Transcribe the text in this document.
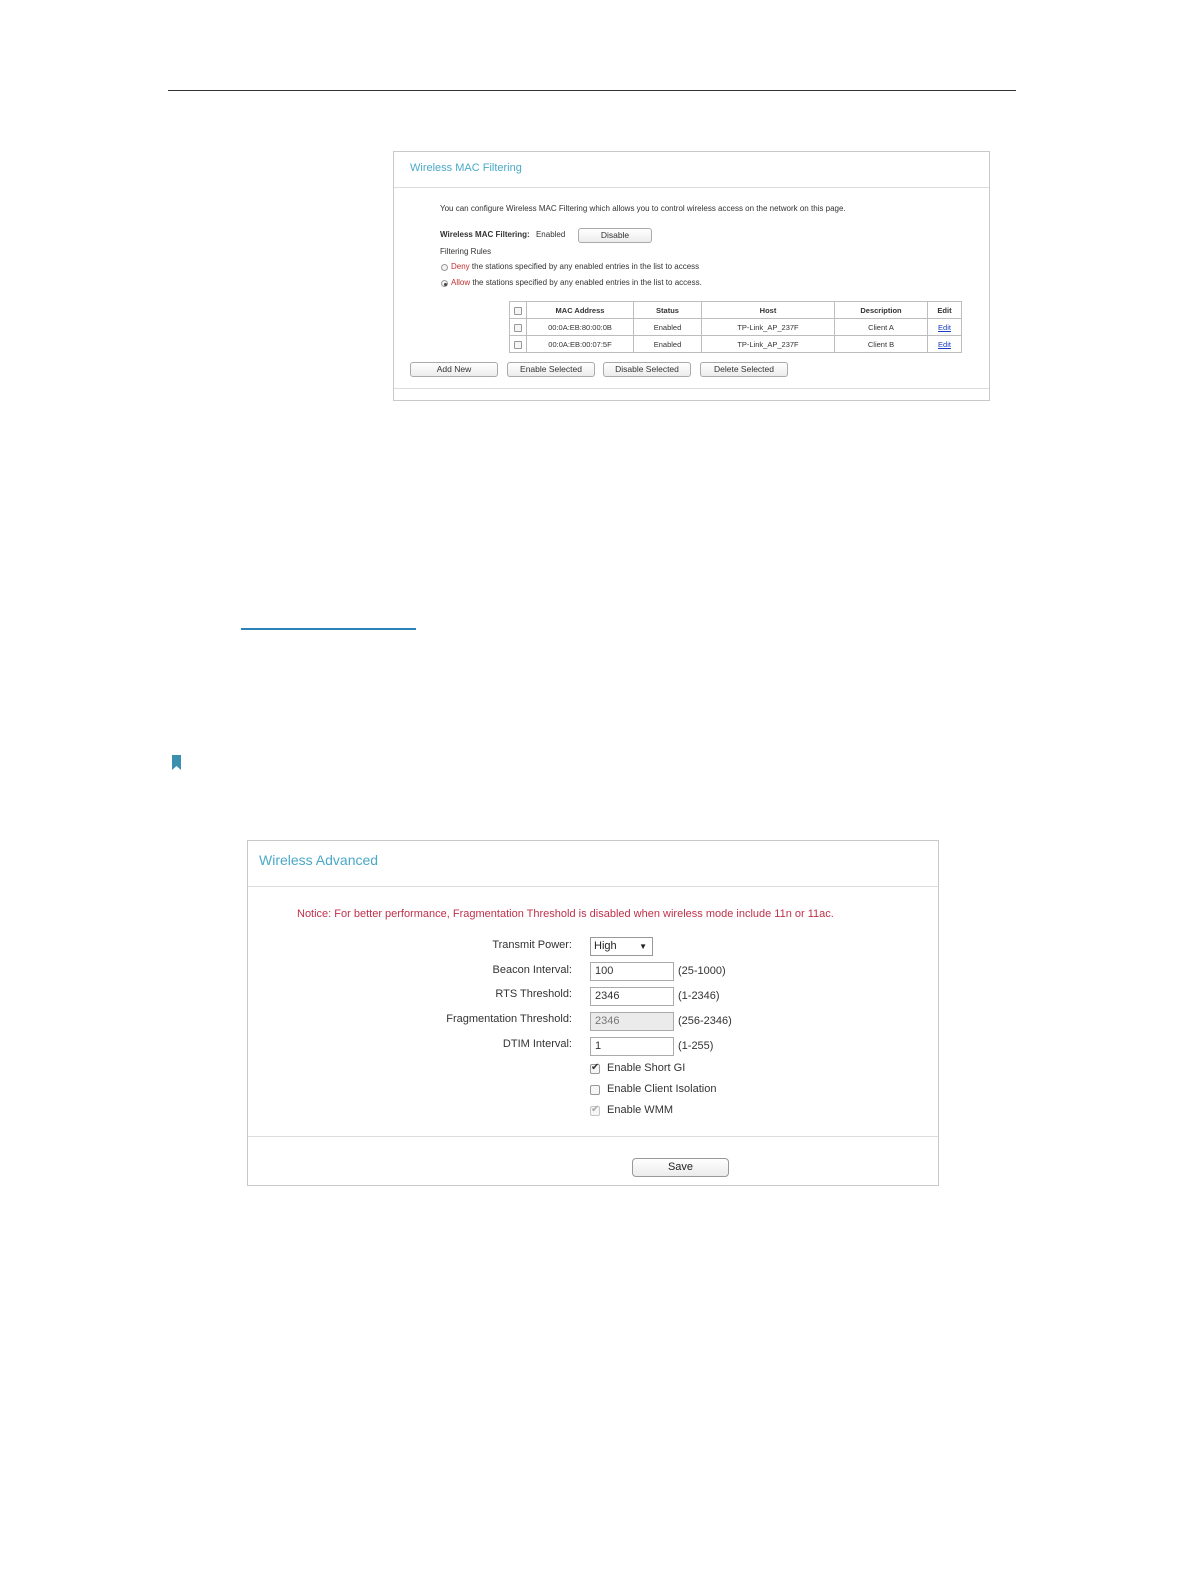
Wireless MAC Filtering
You can configure Wireless MAC Filtering which allows you to control wireless access on the network on this page.
Wireless MAC Filtering: Enabled	Disable
Filtering Rules
Deny the stations specified by any enabled entries in the list to access
Allow the stations specified by any enabled entries in the list to access.
	MAC Address	Status	Host	Description	Edit
	00:0A:EB:80:00:0B	Enabled	TP-Link_AP_237F	Client A	Edit
	00:0A:EB:00:07:5F	Enabled	TP-Link_AP_237F	Client B	Edit
Add New	Enable Selected	Disable Selected	Delete Selected
Wireless Advanced
Notice: For better performance, Fragmentation Threshold is disabled when wireless mode include 11n or 11ac.
Transmit Power:	High	▼
Beacon Interval:	100	(25-1000)
RTS Threshold:	2346	(1-2346)
Fragmentation Threshold:	2346	(256-2346)
DTIM Interval:	1	(1-255)
✔ Enable Short GI
Enable Client Isolation
✔ Enable WMM
Save
